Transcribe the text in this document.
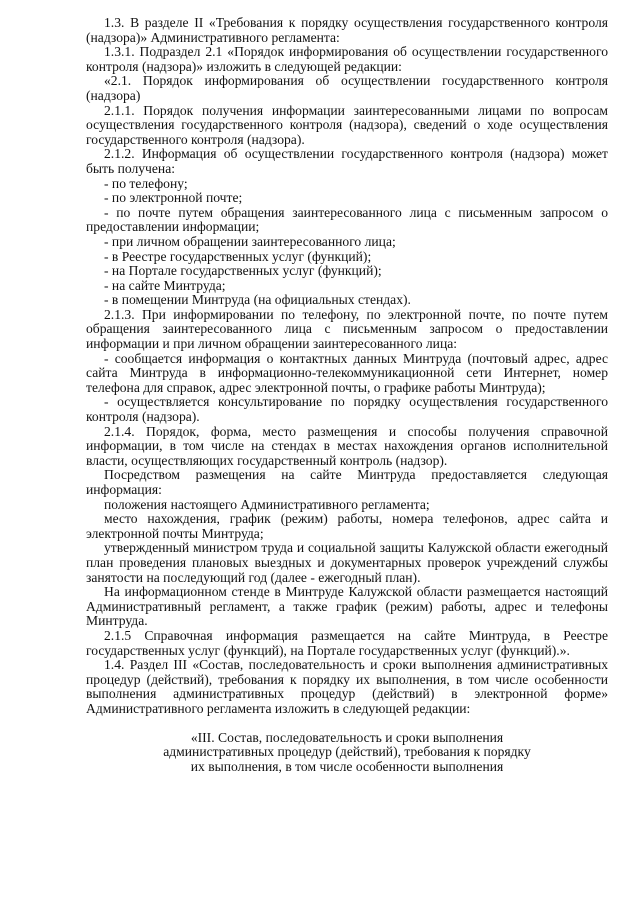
1.3. В разделе II «Требования к порядку осуществления государственного контроля (надзора)» Административного регламента:

1.3.1. Подраздел 2.1 «Порядок информирования об осуществлении государственного контроля (надзора)» изложить в следующей редакции:

«2.1. Порядок информирования об осуществлении государственного контроля (надзора)

2.1.1. Порядок получения информации заинтересованными лицами по вопросам осуществления государственного контроля (надзора), сведений о ходе осуществления государственного контроля (надзора).

2.1.2. Информация об осуществлении государственного контроля (надзора) может быть получена:

- по телефону;

- по электронной почте;

- по почте путем обращения заинтересованного лица с письменным запросом о предоставлении информации;

- при личном обращении заинтересованного лица;

- в Реестре государственных услуг (функций);

- на Портале государственных услуг (функций);

- на сайте Минтруда;

- в помещении Минтруда (на официальных стендах).

2.1.3. При информировании по телефону, по электронной почте, по почте путем обращения заинтересованного лица с письменным запросом о предоставлении информации и при личном обращении заинтересованного лица:

- сообщается информация о контактных данных Минтруда (почтовый адрес, адрес сайта Минтруда в информационно-телекоммуникационной сети Интернет, номер телефона для справок, адрес электронной почты, о графике работы Минтруда);

- осуществляется консультирование по порядку осуществления государственного контроля (надзора).

2.1.4. Порядок, форма, место размещения и способы получения справочной информации, в том числе на стендах в местах нахождения органов исполнительной власти, осуществляющих государственный контроль (надзор).

Посредством размещения на сайте Минтруда предоставляется следующая информация:

положения настоящего Административного регламента;

место нахождения, график (режим) работы, номера телефонов, адрес сайта и электронной почты Минтруда;

утвержденный министром труда и социальной защиты Калужской области ежегодный план проведения плановых выездных и документарных проверок учреждений службы занятости на последующий год (далее - ежегодный план).

На информационном стенде в Минтруде Калужской области размещается настоящий Административный регламент, а также график (режим) работы, адрес и телефоны Минтруда.

2.1.5 Справочная информация размещается на сайте Минтруда, в Реестре государственных услуг (функций), на Портале государственных услуг (функций).».

1.4. Раздел III «Состав, последовательность и сроки выполнения административных процедур (действий), требования к порядку их выполнения, в том числе особенности выполнения административных процедур (действий) в электронной форме» Административного регламента изложить в следующей редакции:

«III. Состав, последовательность и сроки выполнения
административных процедур (действий), требования к порядку
их выполнения, в том числе особенности выполнения
